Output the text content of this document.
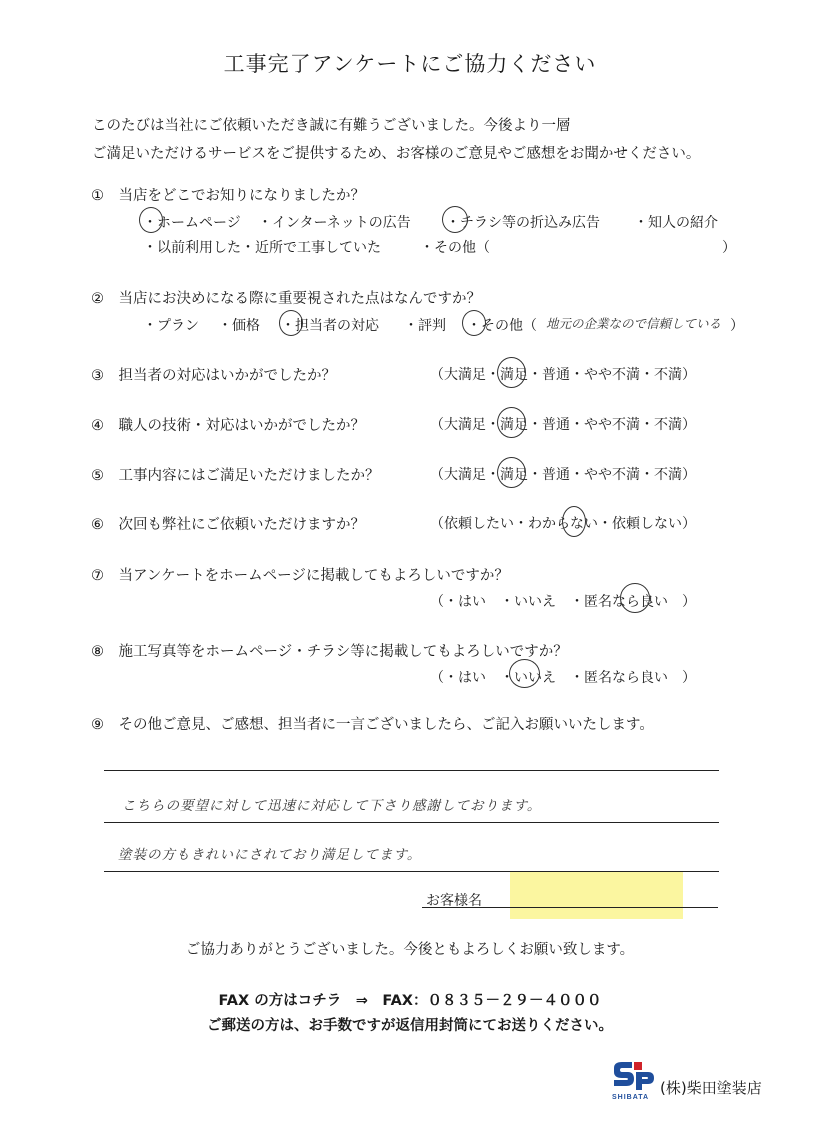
工事完了アンケートにご協力ください
このたびは当社にご依頼いただき誠に有難うございました。今後より一層
ご満足いただけるサービスをご提供するため、お客様のご意見やご感想をお聞かせください。
①　当店をどこでお知りになりましたか？
・ホームページ ・インターネットの広告	・チラシ等の折込み広告 ・知人の紹介
・以前利用した・近所で工事していた	・その他（	）
②　当店にお決めになる際に重要視された点はなんですか？
・プラン ・価格 ・担当者の対応 ・評判 ・その他（ 地元の企業なので信頼している ）
③　担当者の対応はいかがでしたか？	（大満足・満足・普通・やや不満・不満）
④　職人の技術・対応はいかがでしたか？	（大満足・満足・普通・やや不満・不満）
⑤　工事内容にはご満足いただけましたか？	（大満足・満足・普通・やや不満・不満）
⑥　次回も弊社にご依頼いただけますか？	（依頼したい・わからない・依頼しない）
⑦　当アンケートをホームページに掲載してもよろしいですか？
（・はい　・いいえ　・匿名なら良い　）
⑧　施工写真等をホームページ・チラシ等に掲載してもよろしいですか？
（・はい　・いいえ　・匿名なら良い　）
⑨　その他ご意見、ご感想、担当者に一言ございましたら、ご記入お願いいたします。
こちらの要望に対して迅速に対応して下さり感謝しております。
塗装の方もきれいにされており満足してます。
お客様名
ご協力ありがとうございました。今後ともよろしくお願い致します。
FAX の方はコチラ　⇒　FAX：０８３５－２９－４０００
ご郵送の方は、お手数ですが返信用封筒にてお送りください。
SHIBATA
(株)柴田塗装店
